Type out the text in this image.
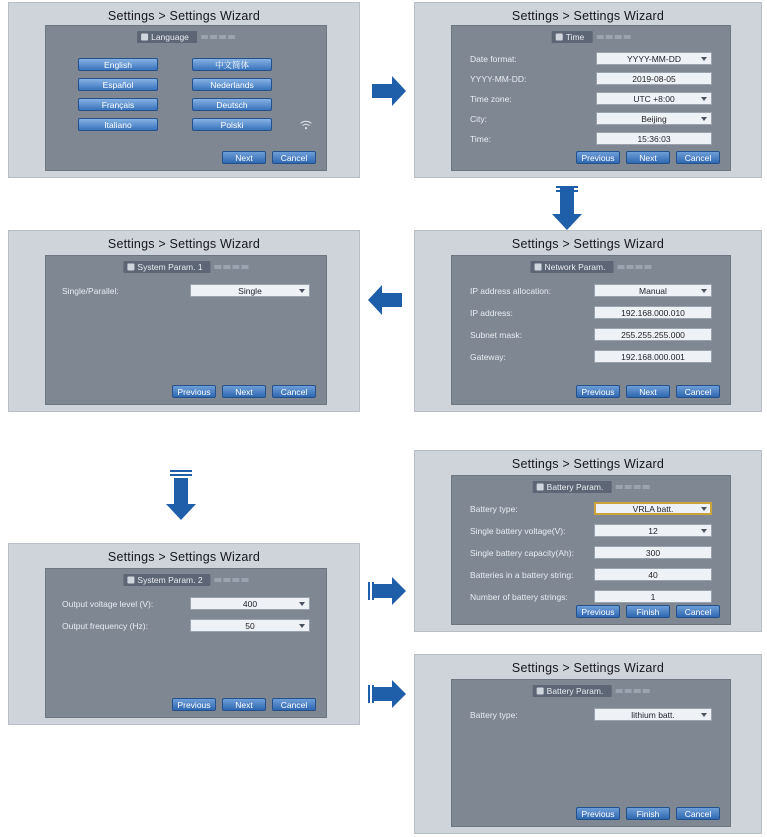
Settings > Settings Wizard
Language
English	中文简体
Español	Nederlands
Français	Deutsch
Italiano	Polski
Next	Cancel
Settings > Settings Wizard
Time
Date format:	YYYY-MM-DD
YYYY-MM-DD:	2019-08-05
Time zone:	UTC +8:00
City:	Beijing
Time:	15:36:03
Previous	Next	Cancel
Settings > Settings Wizard
Network Param.
IP address allocation:	Manual
IP address:	192.168.000.010
Subnet mask:	255.255.255.000
Gateway:	192.168.000.001
Previous	Next	Cancel
Settings > Settings Wizard
System Param. 1
Single/Parallel:	Single
Previous	Next	Cancel
Settings > Settings Wizard
Battery Param.
Battery type:	VRLA batt.
Single battery voltage(V):	12
Single battery capacity(Ah):	300
Batteries in a battery string:	40
Number of battery strings:	1
Previous	Finish	Cancel
Settings > Settings Wizard
System Param. 2
Output voltage level (V):	400
Output frequency (Hz):	50
Previous	Next	Cancel
Settings > Settings Wizard
Battery Param.
Battery type:	lithium batt.
Previous	Finish	Cancel
